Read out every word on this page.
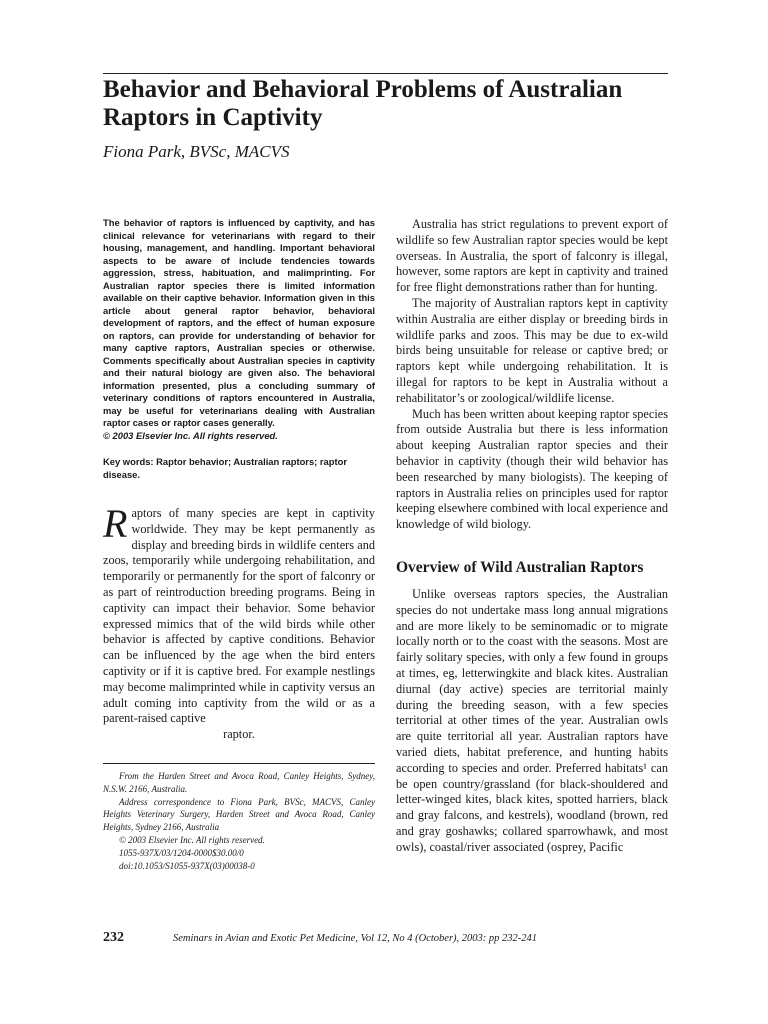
Behavior and Behavioral Problems of Australian Raptors in Captivity
Fiona Park, BVSc, MACVS

The behavior of raptors is influenced by captivity, and has clinical relevance for veterinarians with regard to their housing, management, and handling. Important behavioral aspects to be aware of include tendencies towards aggression, stress, habituation, and malimprinting. For Australian raptor species there is limited information available on their captive behavior. Information given in this article about general raptor behavior, behavioral development of raptors, and the effect of human exposure on raptors, can provide for understanding of behavior for many captive raptors, Australian species or otherwise. Comments specifically about Australian species in captivity and their natural biology are given also. The behavioral information presented, plus a concluding summary of veterinary conditions of raptors encountered in Australia, may be useful for veterinarians dealing with Australian raptor cases or raptor cases generally.

© 2003 Elsevier Inc. All rights reserved.

Key words: Raptor behavior; Australian raptors; raptor disease.

Raptors of many species are kept in captivity worldwide. They may be kept permanently as display and breeding birds in wildlife centers and zoos, temporarily while undergoing rehabilitation, and temporarily or permanently for the sport of falconry or as part of reintroduction breeding programs. Being in captivity can impact their behavior. Some behavior expressed mimics that of the wild birds while other behavior is affected by captive conditions. Behavior can be influenced by the age when the bird enters captivity or if it is captive bred. For example nestlings may become malimprinted while in captivity versus an adult coming into captivity from the wild or as a parent-raised captive

raptor.

From the Harden Street and Avoca Road, Canley Heights, Sydney, N.S.W. 2166, Australia.

Address correspondence to Fiona Park, BVSc, MACVS, Canley Heights Veterinary Surgery, Harden Street and Avoca Road, Canley Heights, Sydney 2166, Australia

© 2003 Elsevier Inc. All rights reserved.

1055-937X/03/1204-0000$30.00/0

doi:10.1053/S1055-937X(03)00038-0

Australia has strict regulations to prevent export of wildlife so few Australian raptor species would be kept overseas. In Australia, the sport of falconry is illegal, however, some raptors are kept in captivity and trained for free flight demonstrations rather than for hunting.

The majority of Australian raptors kept in captivity within Australia are either display or breeding birds in wildlife parks and zoos. This may be due to ex-wild birds being unsuitable for release or captive bred; or raptors kept while undergoing rehabilitation. It is illegal for raptors to be kept in Australia without a rehabilitator’s or zoological/wildlife license.

Much has been written about keeping raptor species from outside Australia but there is less information about keeping Australian raptor species and their behavior in captivity (though their wild behavior has been researched by many biologists). The keeping of raptors in Australia relies on principles used for raptor keeping elsewhere combined with local experience and knowledge of wild biology.

Overview of Wild Australian Raptors

Unlike overseas raptors species, the Australian species do not undertake mass long annual migrations and are more likely to be seminomadic or to migrate locally north or to the coast with the seasons. Most are fairly solitary species, with only a few found in groups at times, eg, letterwingkite and black kites. Australian diurnal (day active) species are territorial mainly during the breeding season, with a few species territorial at other times of the year. Australian owls are quite territorial all year. Australian raptors have varied diets, habitat preference, and hunting habits according to species and order. Preferred habitats¹ can be open country/grassland (for black-shouldered and letter-winged kites, black kites, spotted harriers, black and gray falcons, and kestrels), woodland (brown, red and gray goshawks; collared sparrowhawk, and most owls), coastal/river associated (osprey, Pacific

232	Seminars in Avian and Exotic Pet Medicine, Vol 12, No 4 (October), 2003: pp 232-241
